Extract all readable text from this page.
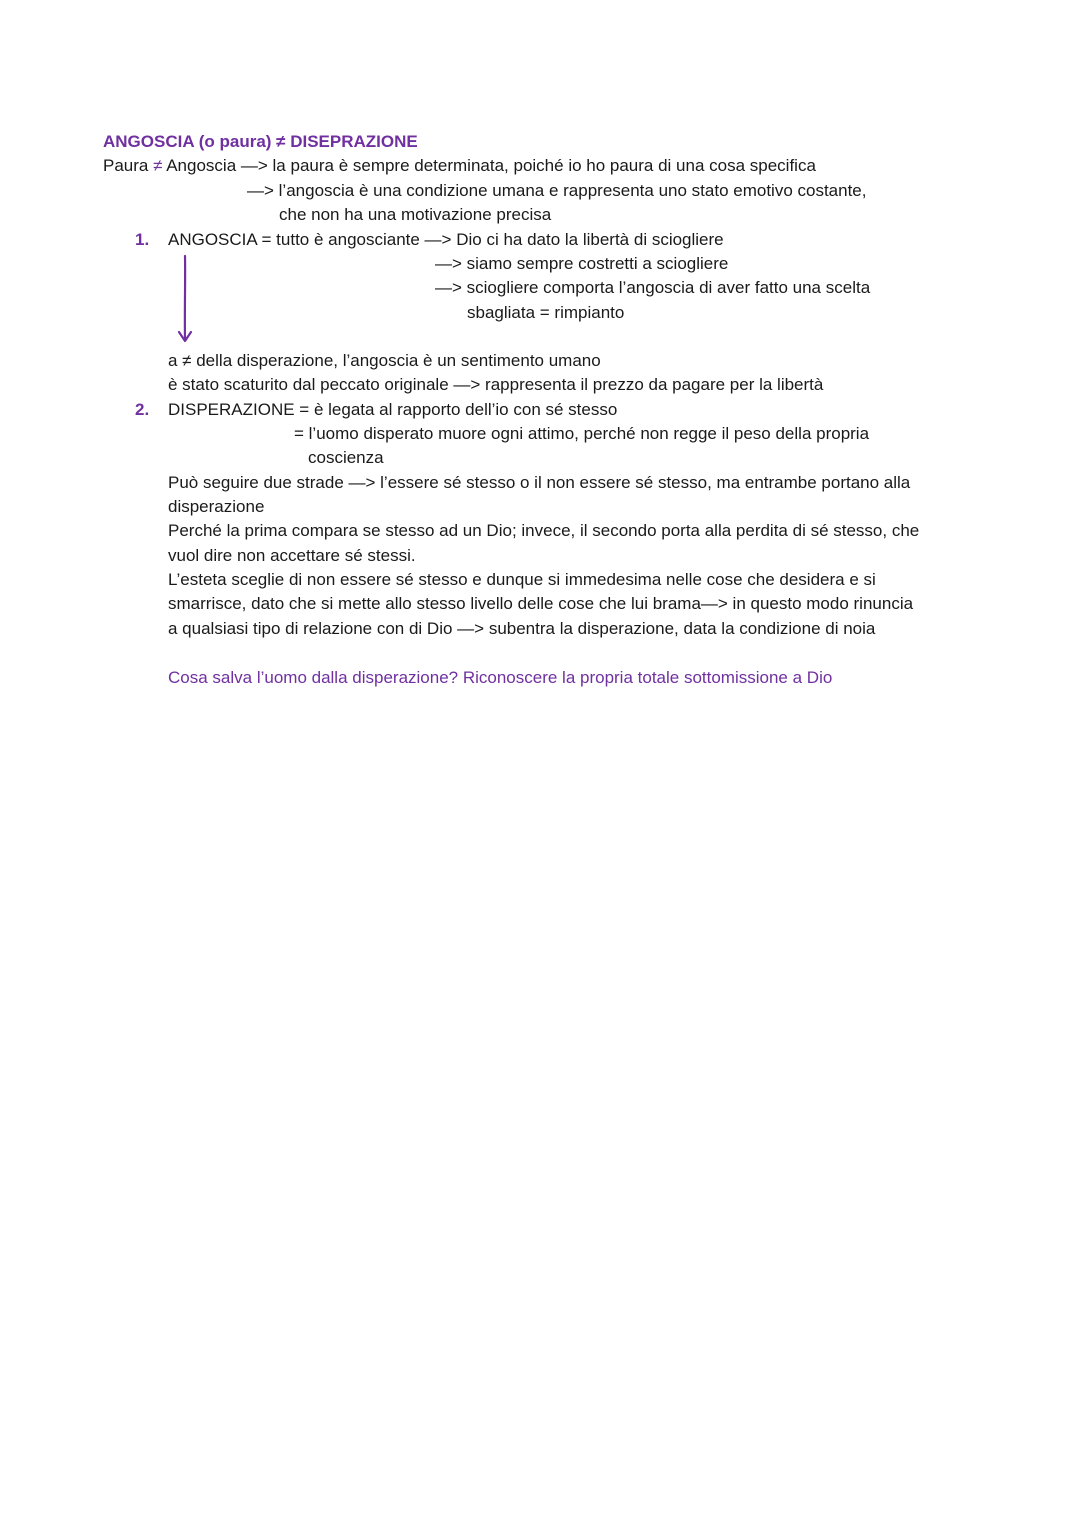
ANGOSCIA (o paura) ≠ DISEPRAZIONE
Paura ≠ Angoscia —> la paura è sempre determinata, poiché io ho paura di una cosa specifica
—> l’angoscia è una condizione umana e rappresenta uno stato emotivo costante,
che non ha una motivazione precisa
1. ANGOSCIA = tutto è angosciante —> Dio ci ha dato la libertà di sciogliere
—> siamo sempre costretti a sciogliere
—> sciogliere comporta l’angoscia di aver fatto una scelta
sbagliata = rimpianto
a ≠ della disperazione, l’angoscia è un sentimento umano
è stato scaturito dal peccato originale —> rappresenta il prezzo da pagare per la libertà
2. DISPERAZIONE = è legata al rapporto dell’io con sé stesso
= l’uomo disperato muore ogni attimo, perché non regge il peso della propria
coscienza
Può seguire due strade —> l’essere sé stesso o il non essere sé stesso, ma entrambe portano alla
disperazione
Perché la prima compara se stesso ad un Dio; invece, il secondo porta alla perdita di sé stesso, che
vuol dire non accettare sé stessi.
L’esteta sceglie di non essere sé stesso e dunque si immedesima nelle cose che desidera e si
smarrisce, dato che si mette allo stesso livello delle cose che lui brama—> in questo modo rinuncia
a qualsiasi tipo di relazione con di Dio —> subentra la disperazione, data la condizione di noia
Cosa salva l’uomo dalla disperazione? Riconoscere la propria totale sottomissione a Dio
